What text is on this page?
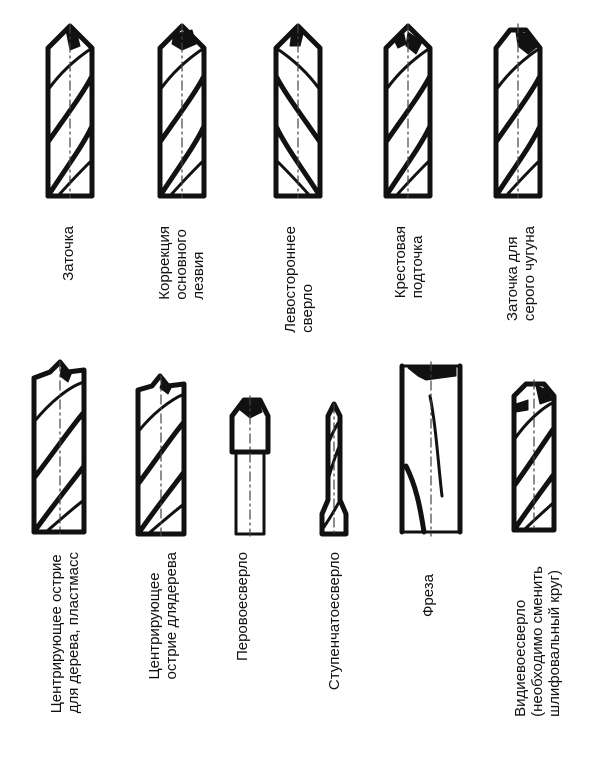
Заточка	Коррекция
основного
лезвия	Левостороннее
сверло
Крестовая
подточка	Заточка для
серого чугуна
Центрирующее острие
для дерева, пластмасс	Центрирующее
острие длядерева	Перовоесверло	Ступенчатоесверло	Фреза
Видиевоесверло
(необходимо сменить
шлифовальный круг)
